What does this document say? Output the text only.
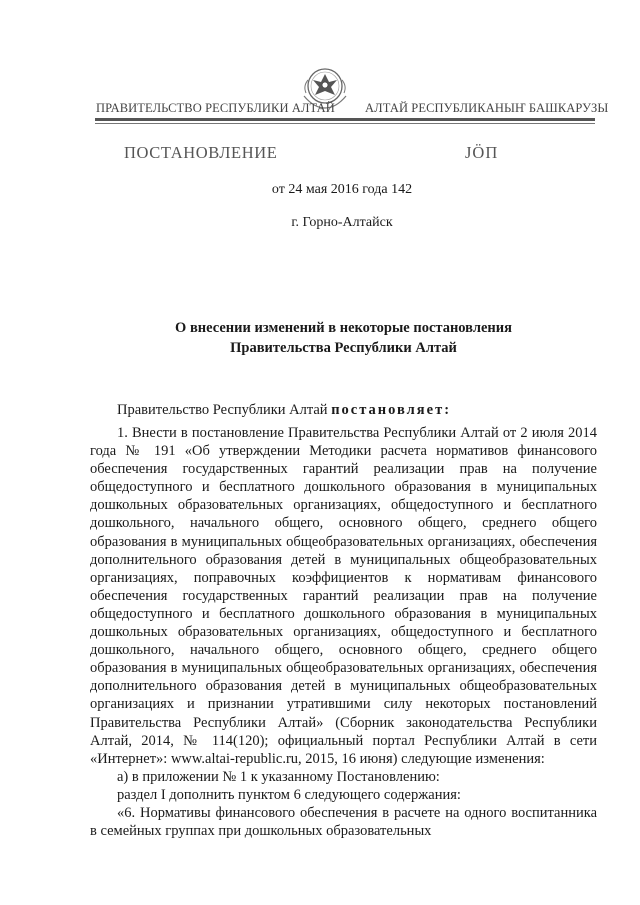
ПРАВИТЕЛЬСТВО РЕСПУБЛИКИ АЛТАЙ АЛТАЙ РЕСПУБЛИКАНЫҤ БАШКАРУЗЫ
ПОСТАНОВЛЕНИЕ	JÖП
от 24 мая 2016 года 142
г. Горно-Алтайск
О внесении изменений в некоторые постановления
Правительства Республики Алтай
Правительство Республики Алтай постановляет:

1. Внести в постановление Правительства Республики Алтай от 2 июля 2014 года № 191 «Об утверждении Методики расчета нормативов финансового обеспечения государственных гарантий реализации прав на получение общедоступного и бесплатного дошкольного образования в муниципальных дошкольных образовательных организациях, общедоступного и бесплатного дошкольного, начального общего, основного общего, среднего общего образования в муниципальных общеобразовательных организациях, обеспечения дополнительного образования детей в муниципальных общеобразовательных организациях, поправочных коэффициентов к нормативам финансового обеспечения государственных гарантий реализации прав на получение общедоступного и бесплатного дошкольного образования в муниципальных дошкольных образовательных организациях, общедоступного и бесплатного дошкольного, начального общего, основного общего, среднего общего образования в муниципальных общеобразовательных организациях, обеспечения дополнительного образования детей в муниципальных общеобразовательных организациях и признании утратившими силу некоторых постановлений Правительства Республики Алтай» (Сборник законодательства Республики Алтай, 2014, № 114(120); официальный портал Республики Алтай в сети «Интернет»: www.altai-republic.ru, 2015, 16 июня) следующие изменения:

а) в приложении № 1 к указанному Постановлению:

раздел I дополнить пунктом 6 следующего содержания:

«6. Нормативы финансового обеспечения в расчете на одного воспитанника в семейных группах при дошкольных образовательных
